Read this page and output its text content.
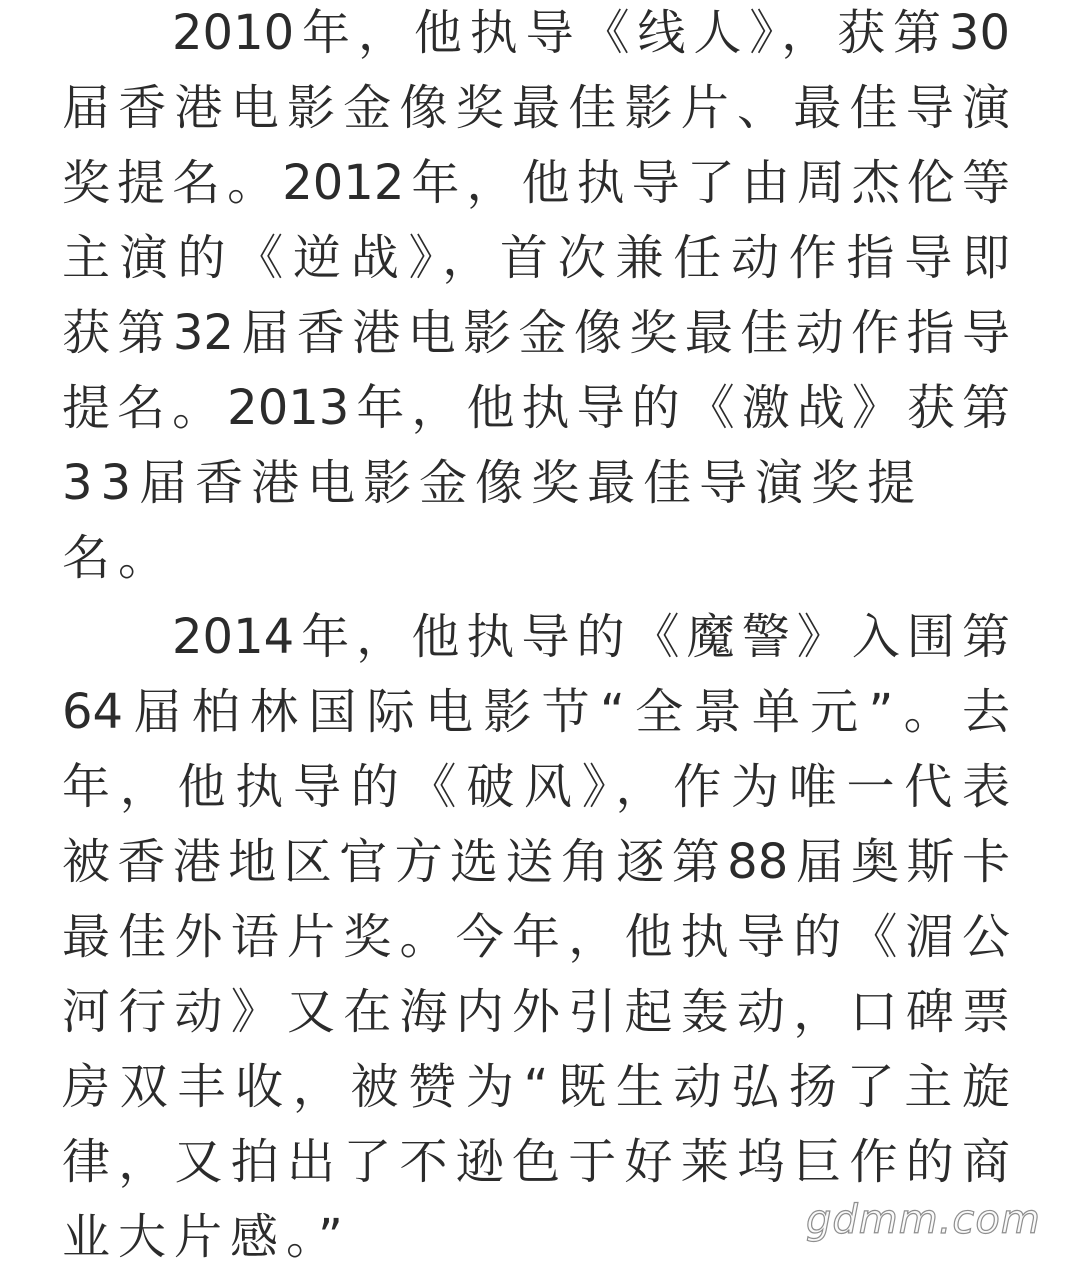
2010年，他执导《线人》，获第30
届香港电影金像奖最佳影片、最佳导演
奖提名。2012年，他执导了由周杰伦等
主演的《逆战》，首次兼任动作指导即
获第32届香港电影金像奖最佳动作指导
提名。2013年，他执导的《激战》获第
33届香港电影金像奖最佳导演奖提名。
2014年，他执导的《魔警》入围第
64届柏林国际电影节“全景单元”。去
年，他执导的《破风》，作为唯一代表
被香港地区官方选送角逐第88届奥斯卡
最佳外语片奖。今年，他执导的《湄公
河行动》又在海内外引起轰动，口碑票
房双丰收，被赞为“既生动弘扬了主旋
律，又拍出了不逊色于好莱坞巨作的商
业大片感。”	gdmm.com
